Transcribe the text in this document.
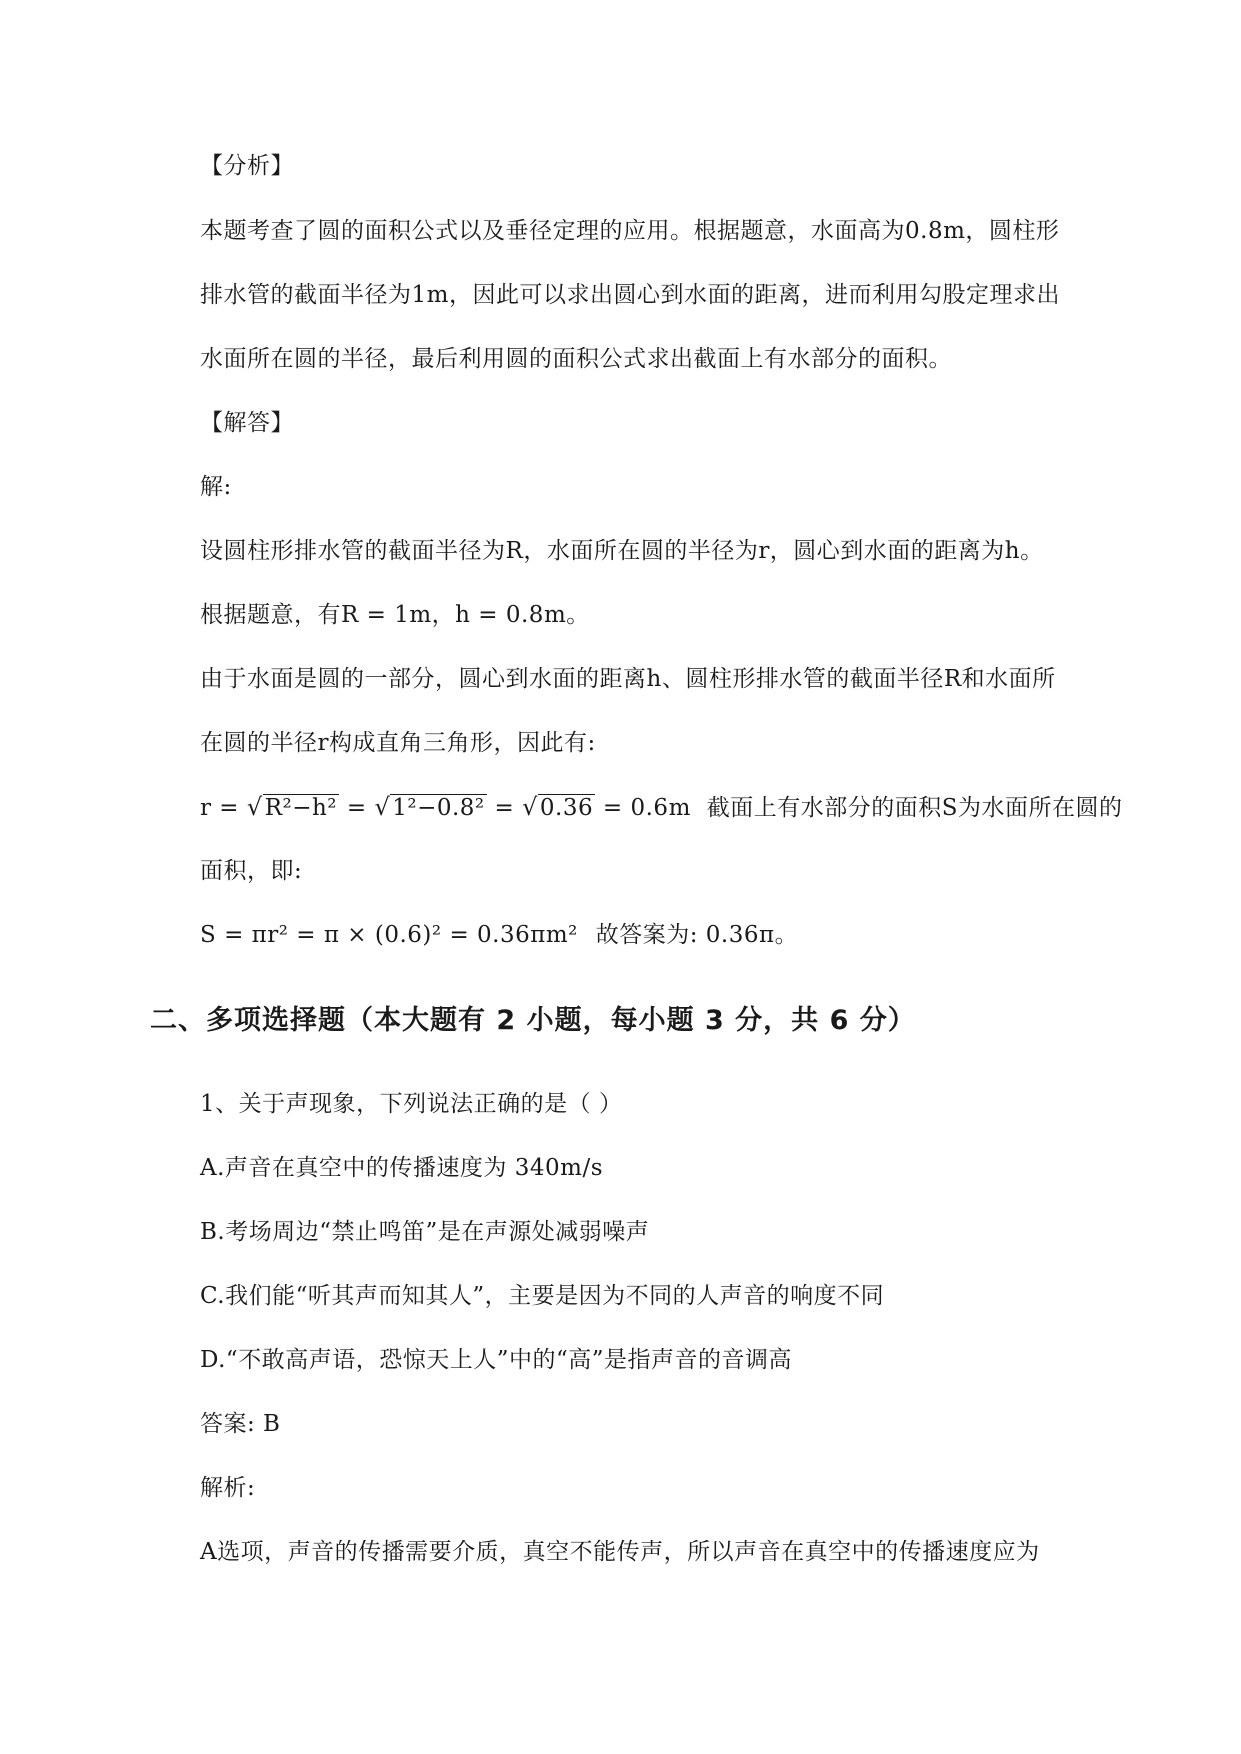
【分析】
本题考查了圆的面积公式以及垂径定理的应用。根据题意，水面高为0.8m，圆柱形
排水管的截面半径为1m，因此可以求出圆心到水面的距离，进而利用勾股定理求出
水面所在圆的半径，最后利用圆的面积公式求出截面上有水部分的面积。
【解答】
解:
设圆柱形排水管的截面半径为R，水面所在圆的半径为r，圆心到水面的距离为h。
根据题意，有R = 1m，h = 0.8m。
由于水面是圆的一部分，圆心到水面的距离h、圆柱形排水管的截面半径R和水面所
在圆的半径r构成直角三角形，因此有:
r = √R²−h² = √1²−0.8² = √0.36 = 0.6m 截面上有水部分的面积S为水面所在圆的
面积，即:
S = πr² = π × (0.6)² = 0.36πm² 故答案为: 0.36π。
二、多项选择题（本大题有 2 小题，每小题 3 分，共 6 分）
1、关于声现象，下列说法正确的是（ ）
A.声音在真空中的传播速度为 340m/s
B.考场周边“禁止鸣笛”是在声源处减弱噪声
C.我们能“听其声而知其人”，主要是因为不同的人声音的响度不同
D.“不敢高声语，恐惊天上人”中的“高”是指声音的音调高
答案: B
解析:
A选项，声音的传播需要介质，真空不能传声，所以声音在真空中的传播速度应为
